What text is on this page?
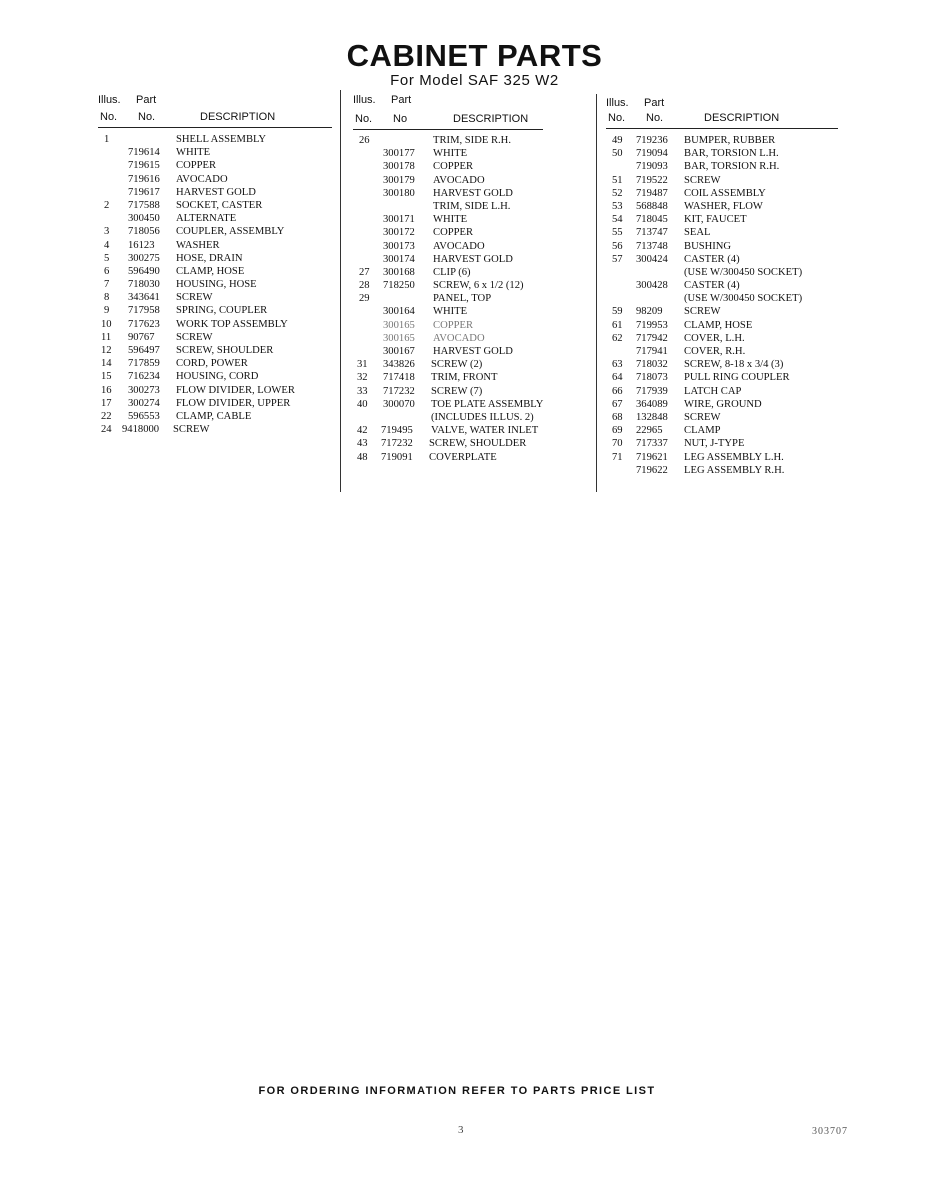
CABINET PARTS
For Model SAF 325 W2
Illus. Part
No. No.	DESCRIPTION
1	SHELL ASSEMBLY
719614 WHITE
719615 COPPER
719616 AVOCADO
719617 HARVEST GOLD
2 717588 SOCKET, CASTER
300450 ALTERNATE
3 718056 COUPLER, ASSEMBLY
4 16123 WASHER
5 300275 HOSE, DRAIN
6 596490 CLAMP, HOSE
7 718030 HOUSING, HOSE
8 343641 SCREW
9 717958 SPRING, COUPLER
10 717623 WORK TOP ASSEMBLY
11 90767 SCREW
12 596497 SCREW, SHOULDER
14 717859 CORD, POWER
15 716234 HOUSING, CORD
16 300273 FLOW DIVIDER, LOWER
17 300274 FLOW DIVIDER, UPPER
22 596553 CLAMP, CABLE
24 9418000 SCREW
Illus. Part
No. No	DESCRIPTION
26	TRIM, SIDE R.H.
300177 WHITE
300178 COPPER
300179 AVOCADO
300180 HARVEST GOLD
TRIM, SIDE L.H.
300171 WHITE
300172 COPPER
300173 AVOCADO
300174 HARVEST GOLD
27 300168 CLIP (6)
28 718250 SCREW, 6 x 1/2 (12)
29	PANEL, TOP
300164 WHITE
300165 COPPER
300165 AVOCADO
300167 HARVEST GOLD
31 343826 SCREW (2)
32 717418 TRIM, FRONT
33 717232 SCREW (7)
40 300070 TOE PLATE ASSEMBLY
(INCLUDES ILLUS. 2)
42 719495 VALVE, WATER INLET
43 717232 SCREW, SHOULDER
48 719091 COVERPLATE
Illus. Part
No. No.	DESCRIPTION
49 719236 BUMPER, RUBBER
50 719094 BAR, TORSION L.H.
719093 BAR, TORSION R.H.
51 719522 SCREW
52 719487 COIL ASSEMBLY
53 568848 WASHER, FLOW
54 718045 KIT, FAUCET
55 713747 SEAL
56 713748 BUSHING
57 300424 CASTER (4)
(USE W/300450 SOCKET)
300428 CASTER (4)
(USE W/300450 SOCKET)
59 98209 SCREW
61 719953 CLAMP, HOSE
62 717942 COVER, L.H.
717941 COVER, R.H.
63 718032 SCREW, 8-18 x 3/4 (3)
64 718073 PULL RING COUPLER
66 717939 LATCH CAP
67 364089 WIRE, GROUND
68 132848 SCREW
69 22965 CLAMP
70 717337 NUT, J-TYPE
71 719621 LEG ASSEMBLY L.H.
719622 LEG ASSEMBLY R.H.
FOR ORDERING INFORMATION REFER TO PARTS PRICE LIST
3	303707
